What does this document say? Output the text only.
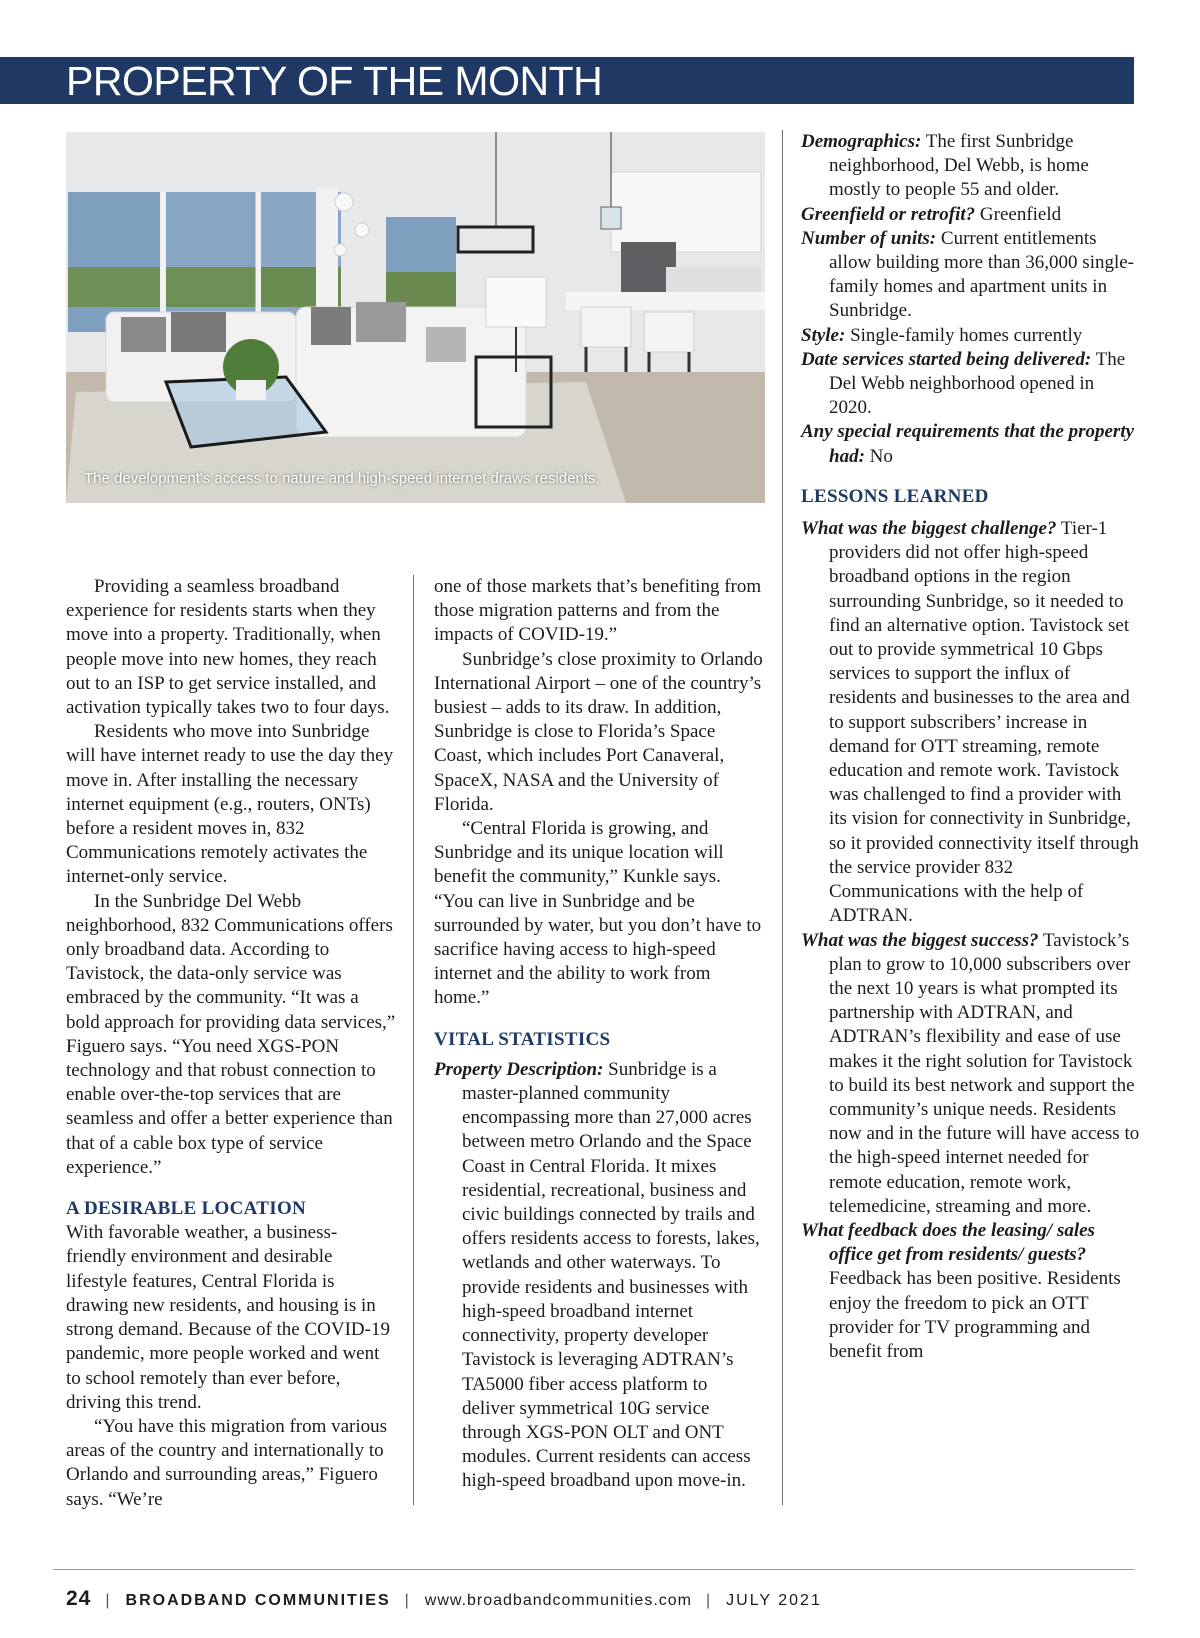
PROPERTY OF THE MONTH
The development's access to nature and high-speed internet draws residents.

Providing a seamless broadband experience for residents starts when they move into a property. Traditionally, when people move into new homes, they reach out to an ISP to get service installed, and activation typically takes two to four days.

Residents who move into Sunbridge will have internet ready to use the day they move in. After installing the necessary internet equipment (e.g., routers, ONTs) before a resident moves in, 832 Communications remotely activates the internet-only service.

In the Sunbridge Del Webb neighborhood, 832 Communications offers only broadband data. According to Tavistock, the data-only service was embraced by the community. “It was a bold approach for providing data services,” Figuero says. “You need XGS-PON technology and that robust connection to enable over-the-top services that are seamless and offer a better experience than that of a cable box type of service experience.”

A DESIRABLE LOCATION

With favorable weather, a business-friendly environment and desirable lifestyle features, Central Florida is drawing new residents, and housing is in strong demand. Because of the COVID-19 pandemic, more people worked and went to school remotely than ever before, driving this trend.

“You have this migration from various areas of the country and internationally to Orlando and surrounding areas,” Figuero says. “We’re

one of those markets that’s benefiting from those migration patterns and from the impacts of COVID-19.”

Sunbridge’s close proximity to Orlando International Airport – one of the country’s busiest – adds to its draw. In addition, Sunbridge is close to Florida’s Space Coast, which includes Port Canaveral, SpaceX, NASA and the University of Florida.

“Central Florida is growing, and Sunbridge and its unique location will benefit the community,” Kunkle says. “You can live in Sunbridge and be surrounded by water, but you don’t have to sacrifice having access to high-speed internet and the ability to work from home.”

VITAL STATISTICS

Property Description: Sunbridge is a master-planned community encompassing more than 27,000 acres between metro Orlando and the Space Coast in Central Florida. It mixes residential, recreational, business and civic buildings connected by trails and offers residents access to forests, lakes, wetlands and other waterways. To provide residents and businesses with high-speed broadband internet connectivity, property developer Tavistock is leveraging ADTRAN’s TA5000 fiber access platform to deliver symmetrical 10G service through XGS-PON OLT and ONT modules. Current residents can access high-speed broadband upon move-in.

Demographics: The first Sunbridge neighborhood, Del Webb, is home mostly to people 55 and older.

Greenfield or retrofit? Greenfield

Number of units: Current entitlements allow building more than 36,000 single-family homes and apartment units in Sunbridge.

Style: Single-family homes currently

Date services started being delivered: The Del Webb neighborhood opened in 2020.

Any special requirements that the property had: No

LESSONS LEARNED

What was the biggest challenge? Tier-1 providers did not offer high-speed broadband options in the region surrounding Sunbridge, so it needed to find an alternative option. Tavistock set out to provide symmetrical 10 Gbps services to support the influx of residents and businesses to the area and to support subscribers’ increase in demand for OTT streaming, remote education and remote work. Tavistock was challenged to find a provider with its vision for connectivity in Sunbridge, so it provided connectivity itself through the service provider 832 Communications with the help of ADTRAN.

What was the biggest success? Tavistock’s plan to grow to 10,000 subscribers over the next 10 years is what prompted its partnership with ADTRAN, and ADTRAN’s flexibility and ease of use makes it the right solution for Tavistock to build its best network and support the community’s unique needs. Residents now and in the future will have access to the high-speed internet needed for remote education, remote work, telemedicine, streaming and more.

What feedback does the leasing/ sales office get from residents/ guests? Feedback has been positive. Residents enjoy the freedom to pick an OTT provider for TV programming and benefit from

24 | BROADBAND COMMUNITIES | www.broadbandcommunities.com | JULY 2021
